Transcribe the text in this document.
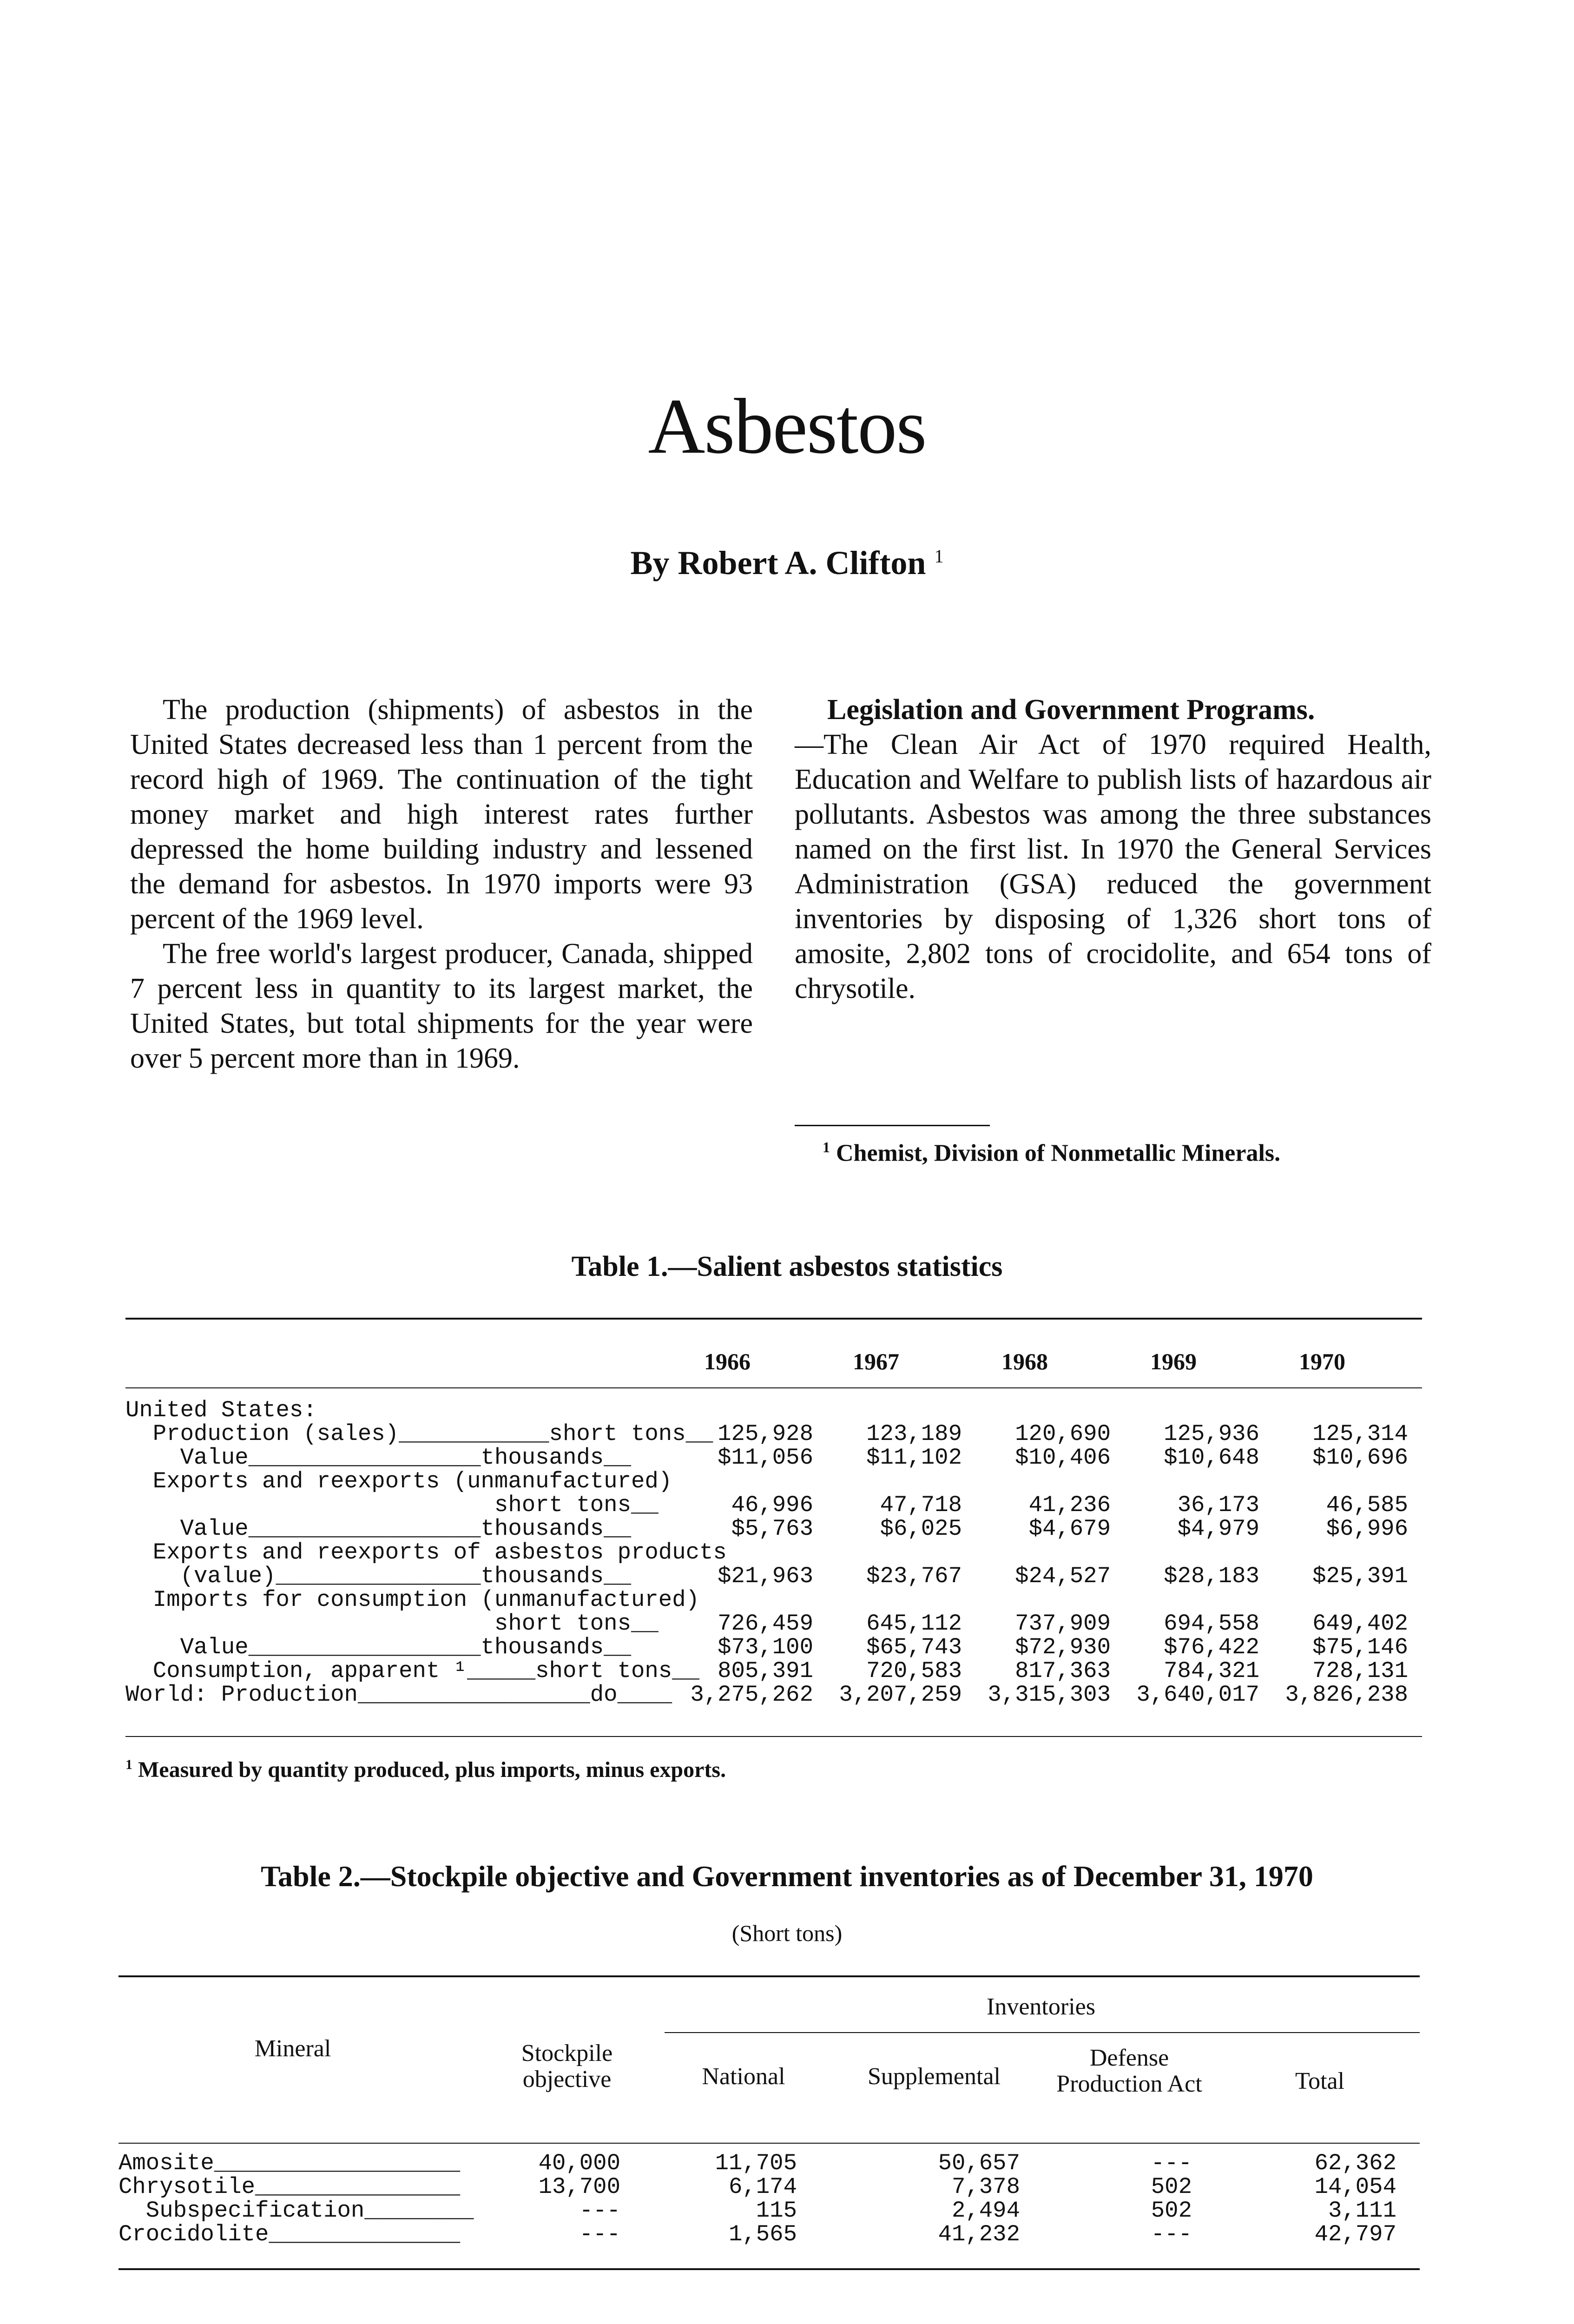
Asbestos
By Robert A. Clifton $^1$

The production (shipments) of asbestos in the United States decreased less than 1 percent from the record high of 1969. The continuation of the tight money market and high interest rates further depressed the home building industry and lessened the demand for asbestos. In 1970 imports were 93 percent of the 1969 level.

The free world's largest producer, Canada, shipped 7 percent less in quantity to its largest market, the United States, but total shipments for the year were over 5 percent more than in 1969.

Legislation and Government Programs.
—The Clean Air Act of 1970 required Health, Education and Welfare to publish lists of hazardous air pollutants. Asbestos was among the three substances named on the first list. In 1970 the General Services Administration (GSA) reduced the government inventories by disposing of 1,326 short tons of amosite, 2,802 tons of crocidolite, and 654 tons of chrysotile.

$^1$ Chemist, Division of Nonmetallic Minerals.
Table 1.—Salient asbestos statistics
1966	1967	1968	1969	1970
United States:
Production (sales)___________short tons__ 125,928	123,189	120,690	125,936	125,314
Value_________________thousands__	$11,056	$11,102	$10,406	$10,648	$10,696
Exports and reexports (unmanufactured)
short tons__	46,996	47,718	41,236	36,173	46,585
Value_________________thousands__	$5,763	$6,025	$4,679	$4,979	$6,996
Exports and reexports of asbestos products
(value)_______________thousands__	$21,963	$23,767	$24,527	$28,183	$25,391
Imports for consumption (unmanufactured)
short tons__	726,459	645,112	737,909	694,558	649,402
Value_________________thousands__	$73,100	$65,743	$72,930	$76,422	$75,146
Consumption, apparent ¹_____short tons__ 805,391	720,583	817,363	784,321	728,131
World: Production_________________do____ 3,275,262	3,207,259	3,315,303	3,640,017	3,826,238
$^1$ Measured by quantity produced, plus imports, minus exports.
Table 2.—Stockpile objective and Government inventories as of December 31, 1970
(Short tons)
Mineral	Stockpile objective
Inventories
National	Supplemental
Defense Production Act	Total
Amosite__________________	40,000	11,705	50,657	---	62,362
Chrysotile_______________	13,700	6,174	7,378	502	14,054
Subspecification________	---	115	2,494	502	3,111
Crocidolite______________	---	1,565	41,232	---	42,797
